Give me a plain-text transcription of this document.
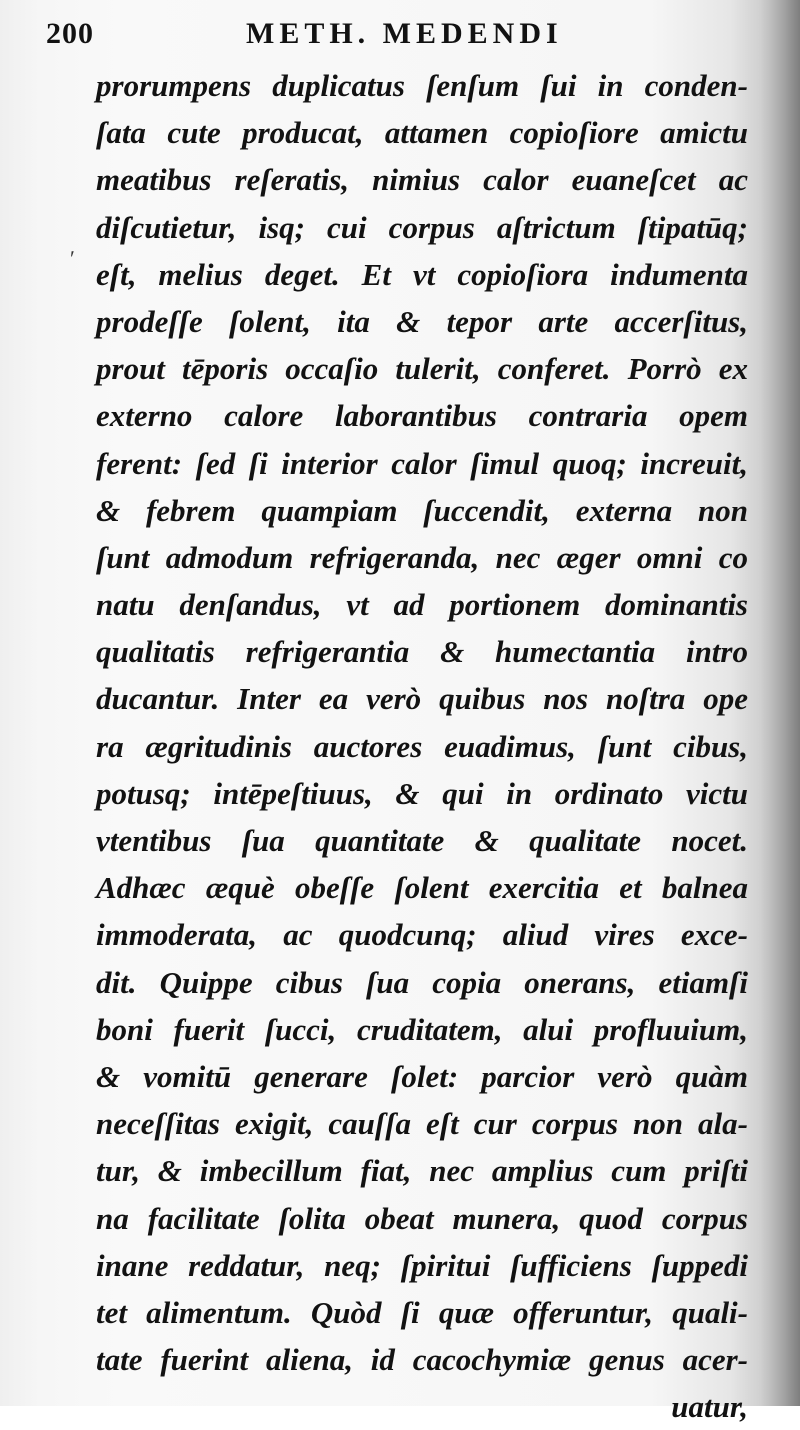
200	METH. MEDENDI
ʹ
prorumpens duplicatus ſenſum ſui in conden-
ſata cute producat, attamen copioſiore amictu
meatibus reſeratis, nimius calor euaneſcet ac
diſcutietur, isq; cui corpus aſtrictum ſtipatūq;
eſt, melius deget. Et vt copioſiora indumenta
prodeſſe ſolent, ita & tepor arte accerſitus,
prout tēporis occaſio tulerit, conferet. Porrò ex
externo calore laborantibus contraria opem
ferent: ſed ſi interior calor ſimul quoq; increuit,
& febrem quampiam ſuccendit, externa non
ſunt admodum refrigeranda, nec æger omni co
natu denſandus, vt ad portionem dominantis
qualitatis refrigerantia & humectantia intro
ducantur. Inter ea verò quibus nos noſtra ope
ra ægritudinis auctores euadimus, ſunt cibus,
potusq; intēpeſtiuus, & qui in ordinato victu
vtentibus ſua quantitate & qualitate nocet.
Adhæc æquè obeſſe ſolent exercitia et balnea
immoderata, ac quodcunq; aliud vires exce-
dit. Quippe cibus ſua copia onerans, etiamſi
boni fuerit ſucci, cruditatem, alui profluuium,
& vomitū generare ſolet: parcior verò quàm
neceſſitas exigit, cauſſa eſt cur corpus non ala-
tur, & imbecillum fiat, nec amplius cum priſti
na facilitate ſolita obeat munera, quod corpus
inane reddatur, neq; ſpiritui ſufficiens ſuppedi
tet alimentum. Quòd ſi quæ offeruntur, quali-
tate fuerint aliena, id cacochymiæ genus acer-
uatur,
